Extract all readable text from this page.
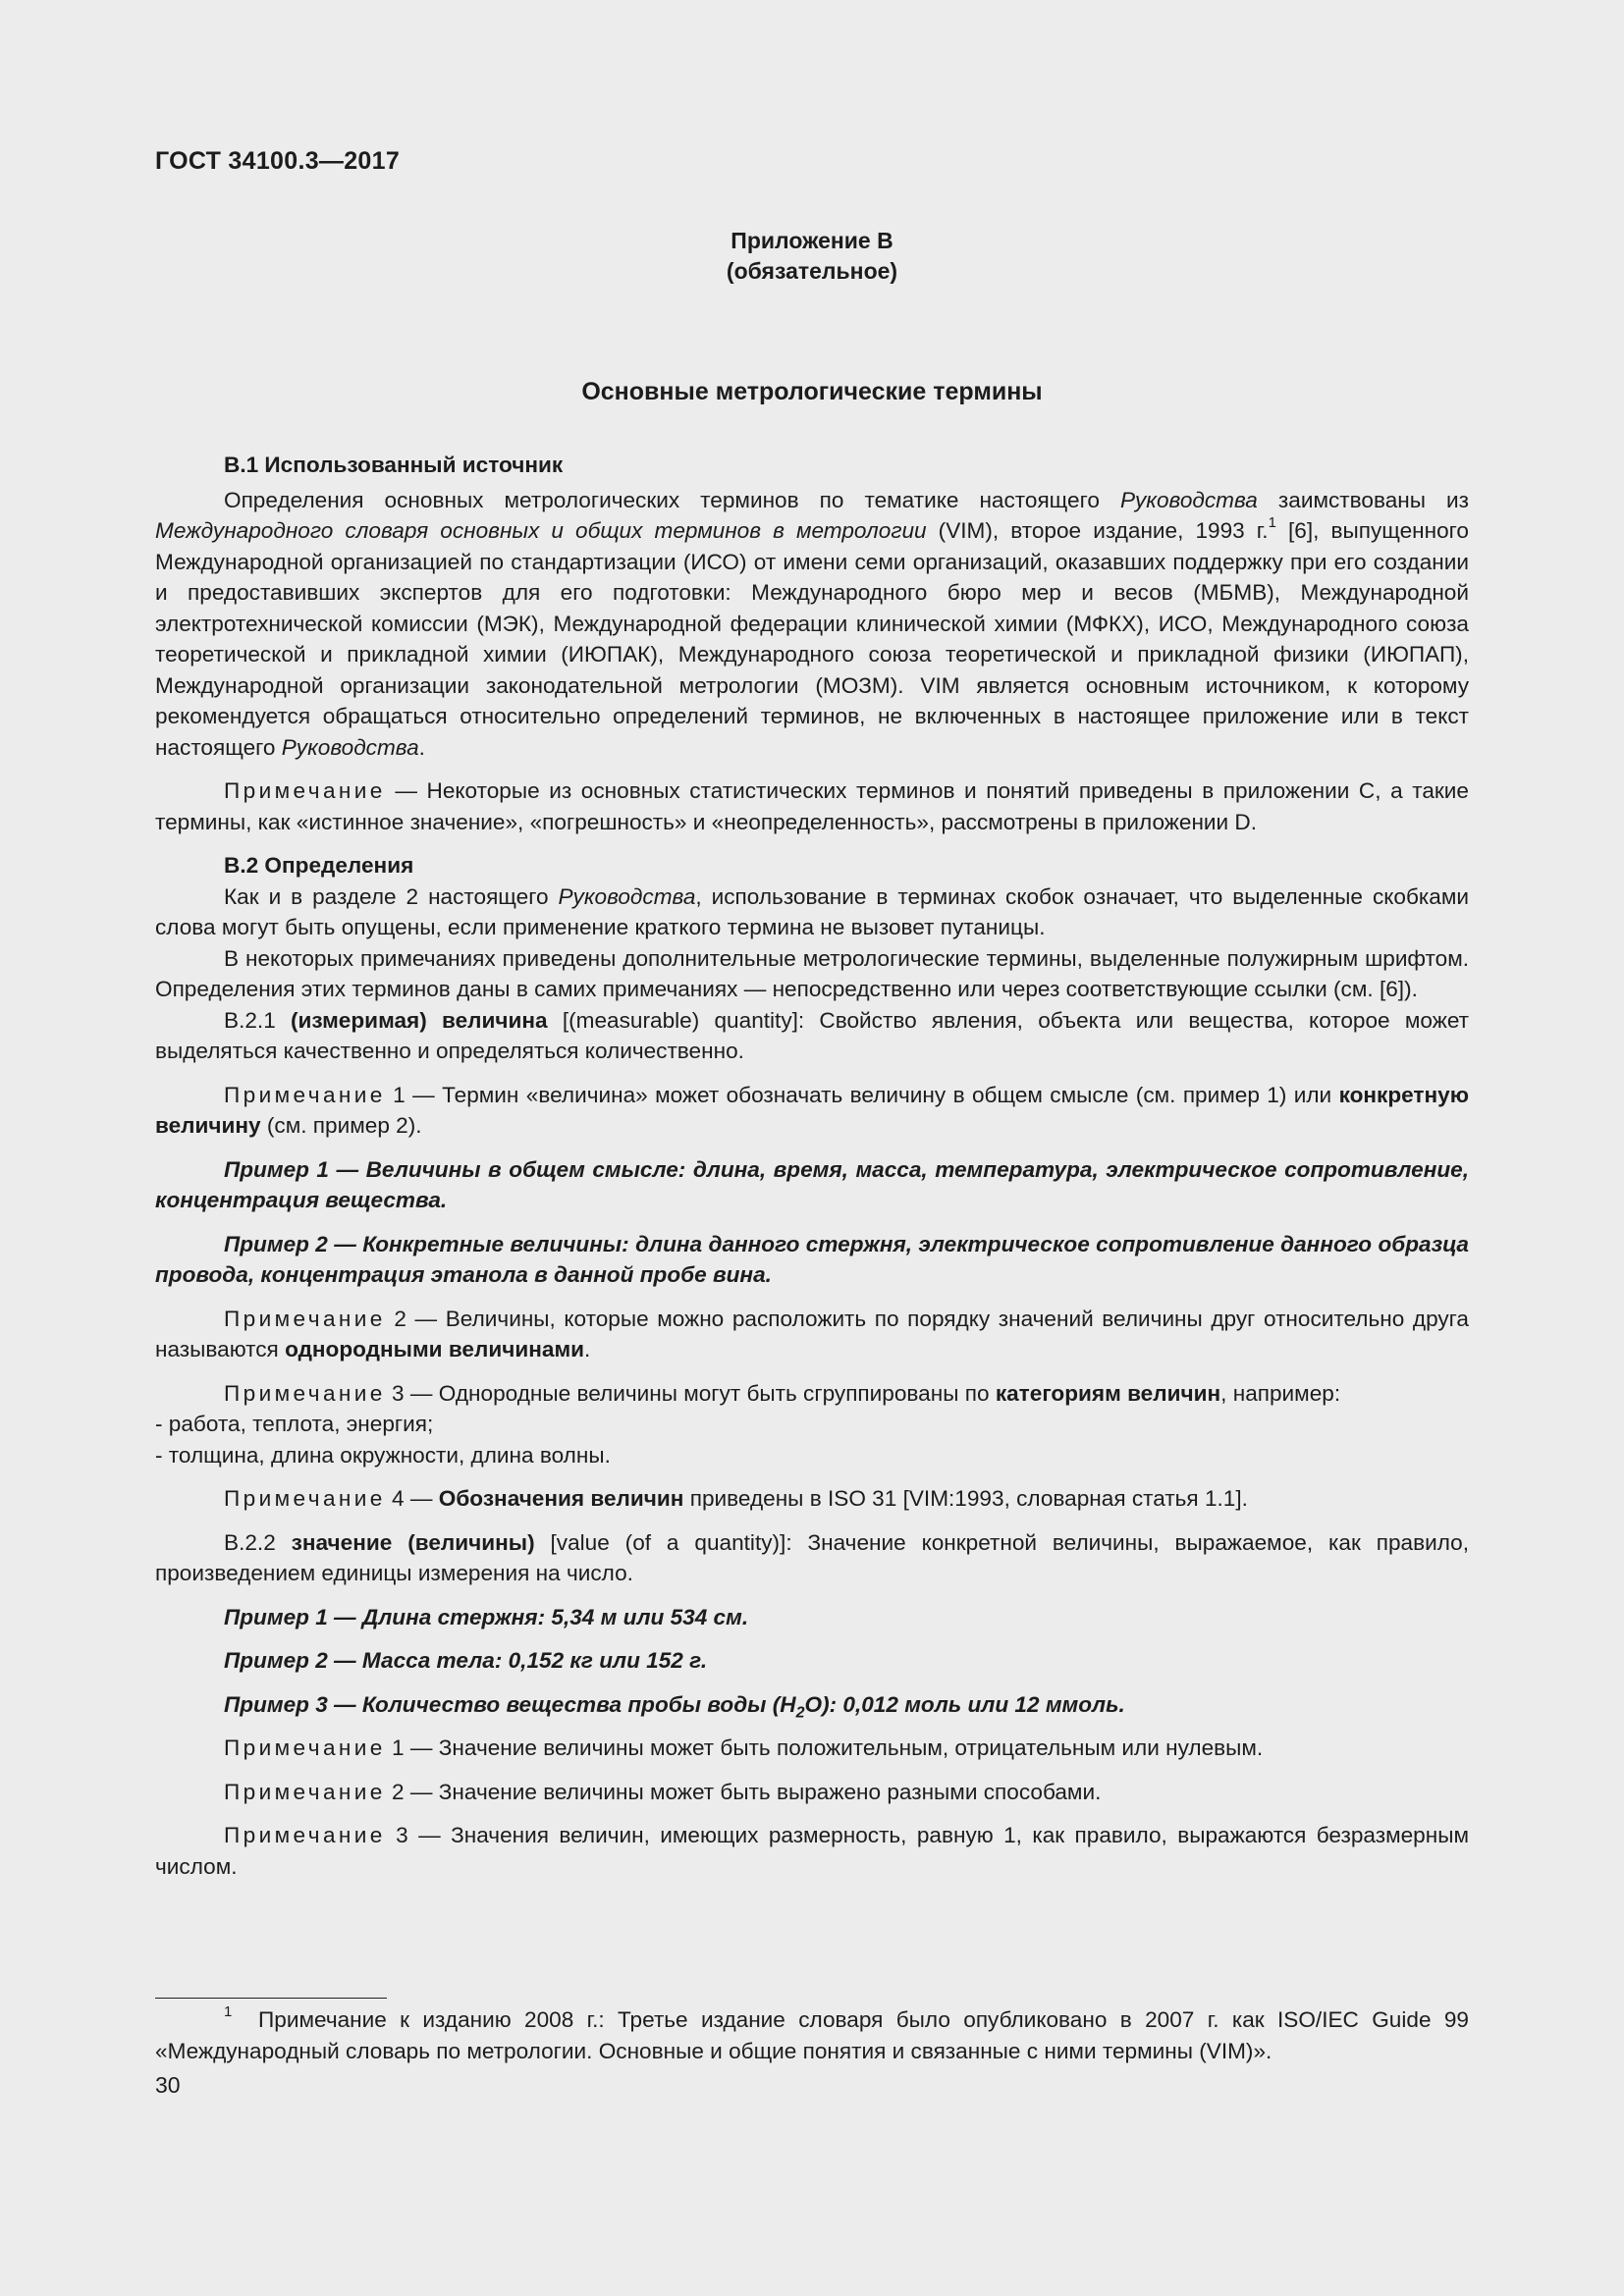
ГОСТ 34100.3—2017
Приложение B
(обязательное)
Основные метрологические термины

B.1 Использованный источник

Определения основных метрологических терминов по тематике настоящего Руководства заимствованы из Международного словаря основных и общих терминов в метрологии (VIM), второе издание, 1993 г.$^1$ [6], выпущенного Международной организацией по стандартизации (ИСО) от имени семи организаций, оказавших поддержку при его создании и предоставивших экспертов для его подготовки: Международного бюро мер и весов (МБМВ), Международной электротехнической комиссии (МЭК), Международной федерации клинической химии (МФКХ), ИСО, Международного союза теоретической и прикладной химии (ИЮПАК), Международного союза теоретической и прикладной физики (ИЮПАП), Международной организации законодательной метрологии (МОЗМ). VIM является основным источником, к которому рекомендуется обращаться относительно определений терминов, не включенных в настоящее приложение или в текст настоящего Руководства.

Примечание — Некоторые из основных статистических терминов и понятий приведены в приложении C, а такие термины, как «истинное значение», «погрешность» и «неопределенность», рассмотрены в приложении D.

B.2 Определения

Как и в разделе 2 настоящего Руководства, использование в терминах скобок означает, что выделенные скобками слова могут быть опущены, если применение краткого термина не вызовет путаницы.

В некоторых примечаниях приведены дополнительные метрологические термины, выделенные полужирным шрифтом. Определения этих терминов даны в самих примечаниях — непосредственно или через соответствующие ссылки (см. [6]).

B.2.1 (измеримая) величина [(measurable) quantity]: Свойство явления, объекта или вещества, которое может выделяться качественно и определяться количественно.

Примечание 1 — Термин «величина» может обозначать величину в общем смысле (см. пример 1) или конкретную величину (см. пример 2).

Пример 1 — Величины в общем смысле: длина, время, масса, температура, электрическое сопротивление, концентрация вещества.

Пример 2 — Конкретные величины: длина данного стержня, электрическое сопротивление данного образца провода, концентрация этанола в данной пробе вина.

Примечание 2 — Величины, которые можно расположить по порядку значений величины друг относительно друга называются однородными величинами.

Примечание 3 — Однородные величины могут быть сгруппированы по категориям величин, например:

- работа, теплота, энергия;

- толщина, длина окружности, длина волны.

Примечание 4 — Обозначения величин приведены в ISO 31 [VIM:1993, словарная статья 1.1].

B.2.2 значение (величины) [value (of a quantity)]: Значение конкретной величины, выражаемое, как правило, произведением единицы измерения на число.

Пример 1 — Длина стержня: 5,34 м или 534 см.

Пример 2 — Масса тела: 0,152 кг или 152 г.

Пример 3 — Количество вещества пробы воды $(H_2O)$: 0,012 моль или 12 ммоль.

Примечание 1 — Значение величины может быть положительным, отрицательным или нулевым.

Примечание 2 — Значение величины может быть выражено разными способами.

Примечание 3 — Значения величин, имеющих размерность, равную 1, как правило, выражаются безразмерным числом.

$^1$ Примечание к изданию 2008 г.: Третье издание словаря было опубликовано в 2007 г. как ISO/IEC Guide 99 «Международный словарь по метрологии. Основные и общие понятия и связанные с ними термины (VIM)».

30
